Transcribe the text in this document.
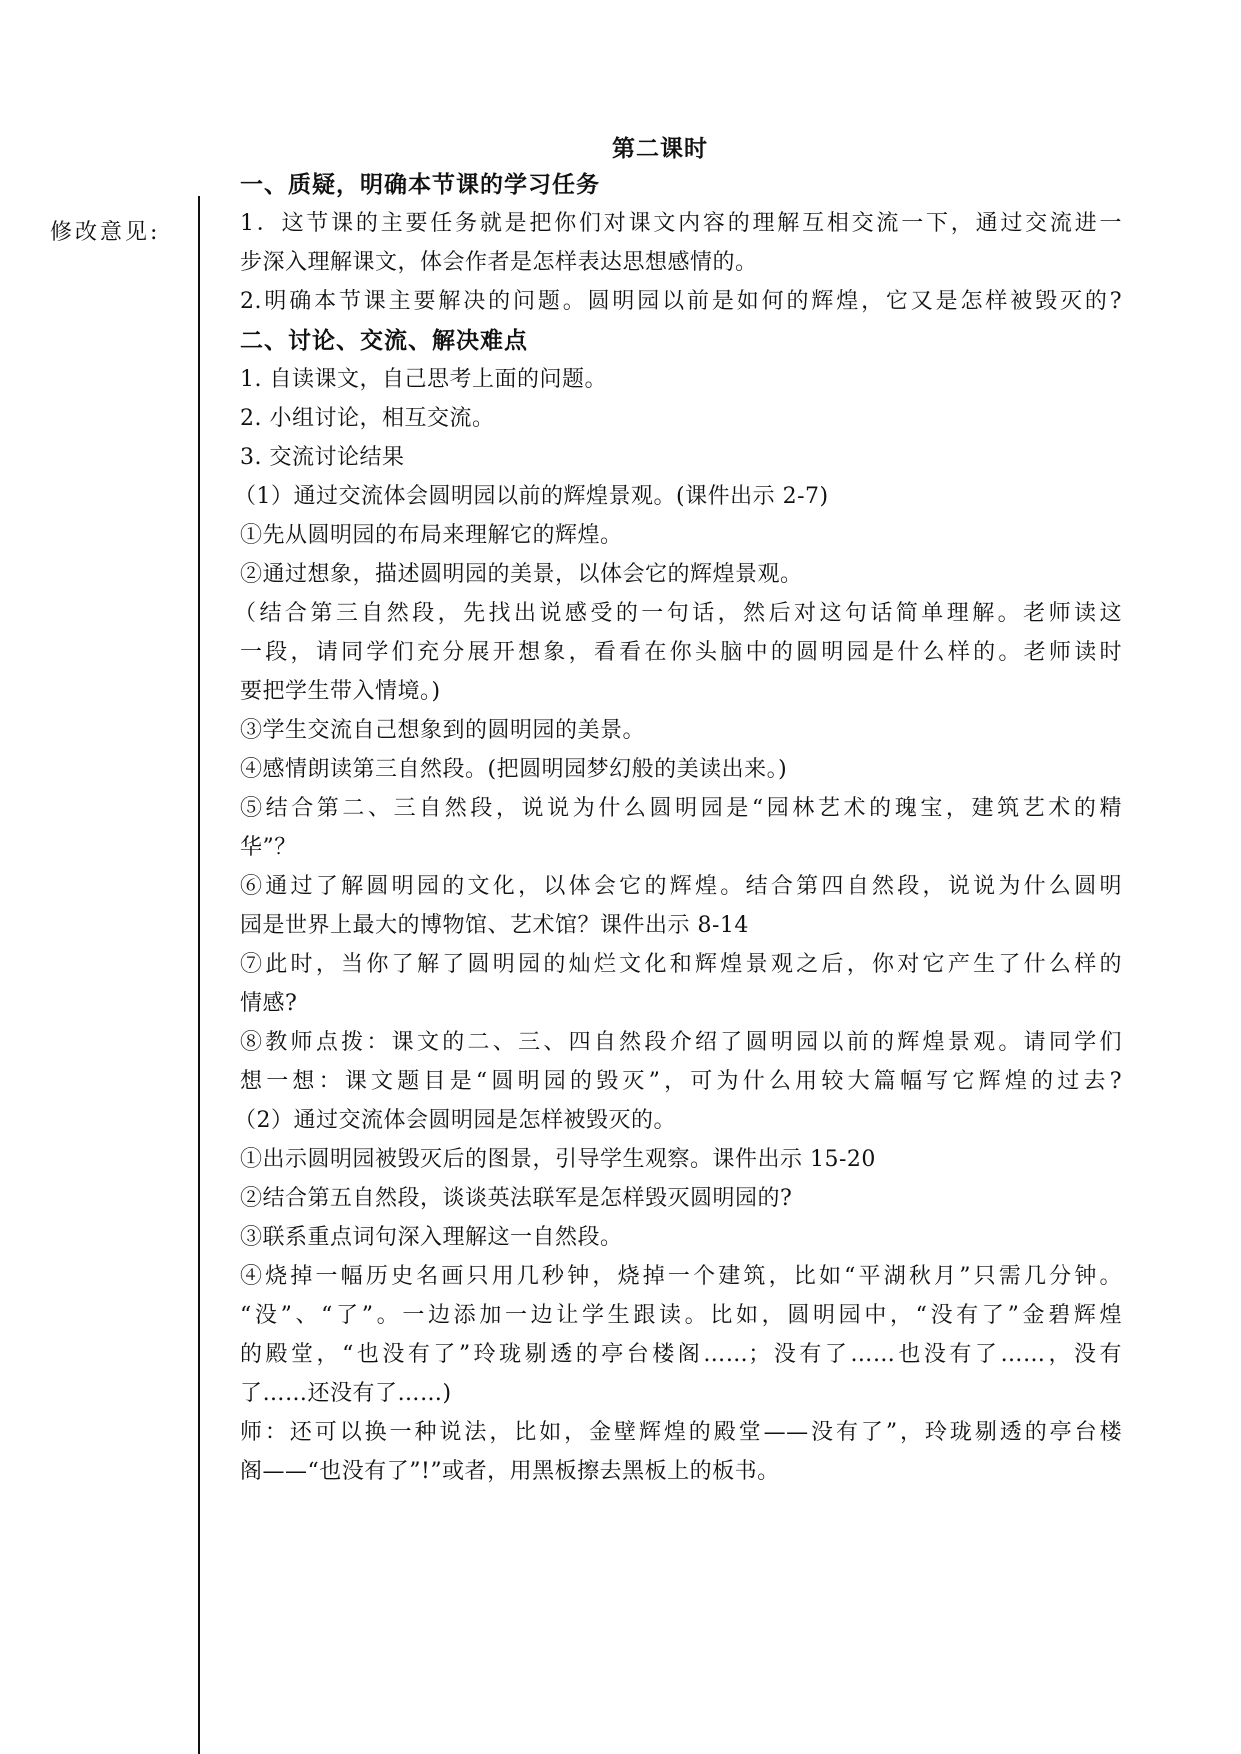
第二课时
修改意见:
一、质疑，明确本节课的学习任务
1．这节课的主要任务就是把你们对课文内容的理解互相交流一下，通过交流进一
步深入理解课文，体会作者是怎样表达思想感情的。
2.明确本节课主要解决的问题。圆明园以前是如何的辉煌，它又是怎样被毁灭的?
二、讨论、交流、解决难点
1. 自读课文，自己思考上面的问题。
2. 小组讨论，相互交流。
3. 交流讨论结果
（1）通过交流体会圆明园以前的辉煌景观。(课件出示 2-7)
①先从圆明园的布局来理解它的辉煌。
②通过想象，描述圆明园的美景，以体会它的辉煌景观。
（结合第三自然段，先找出说感受的一句话，然后对这句话简单理解。老师读这
一段，请同学们充分展开想象，看看在你头脑中的圆明园是什么样的。老师读时
要把学生带入情境。)
③学生交流自己想象到的圆明园的美景。
④感情朗读第三自然段。(把圆明园梦幻般的美读出来。)
⑤结合第二、三自然段，说说为什么圆明园是“园林艺术的瑰宝，建筑艺术的精
华”？
⑥通过了解圆明园的文化，以体会它的辉煌。结合第四自然段，说说为什么圆明
园是世界上最大的博物馆、艺术馆？课件出示 8-14
⑦此时，当你了解了圆明园的灿烂文化和辉煌景观之后，你对它产生了什么样的
情感?
⑧教师点拨：课文的二、三、四自然段介绍了圆明园以前的辉煌景观。请同学们
想一想：课文题目是“圆明园的毁灭”，可为什么用较大篇幅写它辉煌的过去?
（2）通过交流体会圆明园是怎样被毁灭的。
①出示圆明园被毁灭后的图景，引导学生观察。课件出示 15-20
②结合第五自然段，谈谈英法联军是怎样毁灭圆明园的?
③联系重点词句深入理解这一自然段。
④烧掉一幅历史名画只用几秒钟，烧掉一个建筑，比如“平湖秋月”只需几分钟。
“没”、“了”。一边添加一边让学生跟读。比如，圆明园中，“没有了”金碧辉煌
的殿堂，“也没有了”玲珑剔透的亭台楼阁……；没有了……也没有了……，没有
了……还没有了……)
师：还可以换一种说法，比如，金壁辉煌的殿堂——没有了”，玲珑剔透的亭台楼
阁——“也没有了”!”或者，用黑板擦去黑板上的板书。
